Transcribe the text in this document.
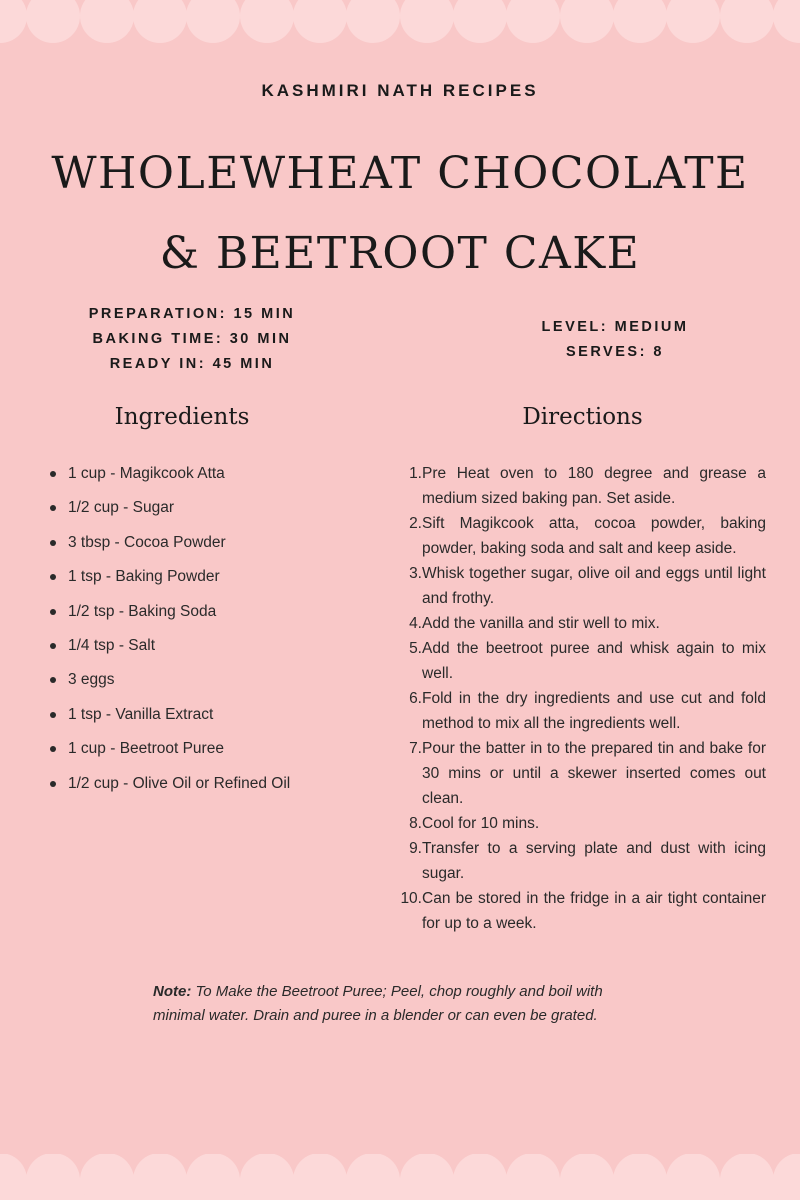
KASHMIRI NATH RECIPES

WHOLEWHEAT CHOCOLATE
& BEETROOT CAKE
PREPARATION: 15 MIN
BAKING TIME: 30 MIN
READY IN: 45 MIN
LEVEL: MEDIUM
SERVES: 8
Ingredients	Directions
1 cup - Magikcook Atta
1/2 cup - Sugar
3 tbsp - Cocoa Powder
1 tsp - Baking Powder
1/2 tsp - Baking Soda
1/4 tsp - Salt
3 eggs
1 tsp - Vanilla Extract
1 cup - Beetroot Puree
1/2 cup - Olive Oil or Refined Oil
1. Pre Heat oven to 180 degree and grease a medium sized baking pan. Set aside.
2. Sift Magikcook atta, cocoa powder, baking powder, baking soda and salt and keep aside.
3. Whisk together sugar, olive oil and eggs until light and frothy.
4. Add the vanilla and stir well to mix.
5. Add the beetroot puree and whisk again to mix well.
6. Fold in the dry ingredients and use cut and fold method to mix all the ingredients well.
7. Pour the batter in to the prepared tin and bake for 30 mins or until a skewer inserted comes out clean.
8. Cool for 10 mins.
9. Transfer to a serving plate and dust with icing sugar.
10. Can be stored in the fridge in a air tight container for up to a week.

Note: To Make the Beetroot Puree; Peel, chop roughly and boil with minimal water. Drain and puree in a blender or can even be grated.
